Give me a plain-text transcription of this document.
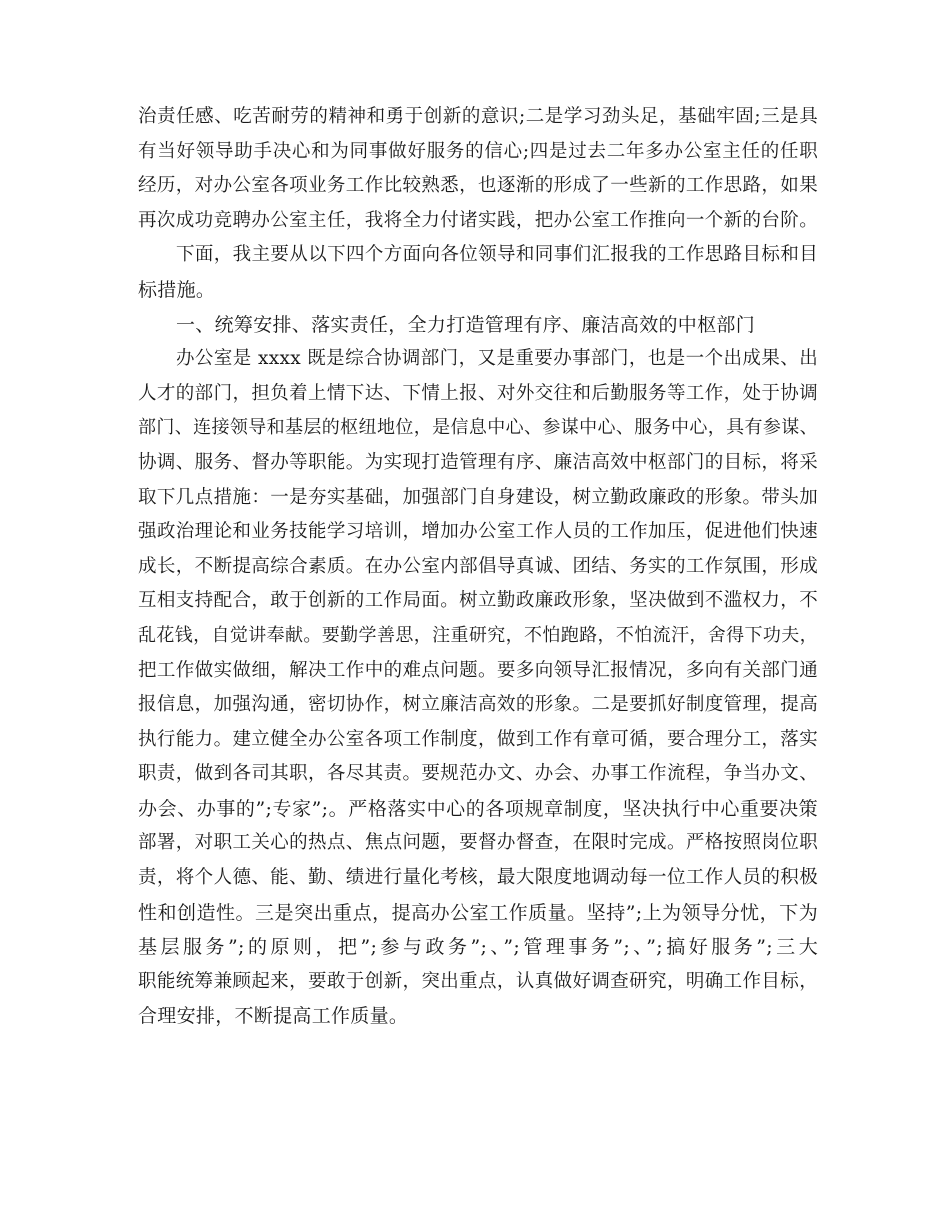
治责任感、吃苦耐劳的精神和勇于创新的意识;二是学习劲头足，基础牢固;三是具
有当好领导助手决心和为同事做好服务的信心;四是过去二年多办公室主任的任职
经历，对办公室各项业务工作比较熟悉，也逐渐的形成了一些新的工作思路，如果
再次成功竞聘办公室主任，我将全力付诸实践，把办公室工作推向一个新的台阶。
下面，我主要从以下四个方面向各位领导和同事们汇报我的工作思路目标和目
标措施。
一、统筹安排、落实责任，全力打造管理有序、廉洁高效的中枢部门
办公室是 xxxx 既是综合协调部门，又是重要办事部门，也是一个出成果、出
人才的部门，担负着上情下达、下情上报、对外交往和后勤服务等工作，处于协调
部门、连接领导和基层的枢纽地位，是信息中心、参谋中心、服务中心，具有参谋、
协调、服务、督办等职能。为实现打造管理有序、廉洁高效中枢部门的目标，将采
取下几点措施：一是夯实基础，加强部门自身建设，树立勤政廉政的形象。带头加
强政治理论和业务技能学习培训，增加办公室工作人员的工作加压，促进他们快速
成长，不断提高综合素质。在办公室内部倡导真诚、团结、务实的工作氛围，形成
互相支持配合，敢于创新的工作局面。树立勤政廉政形象，坚决做到不滥权力，不
乱花钱，自觉讲奉献。要勤学善思，注重研究，不怕跑路，不怕流汗，舍得下功夫，
把工作做实做细，解决工作中的难点问题。要多向领导汇报情况，多向有关部门通
报信息，加强沟通，密切协作，树立廉洁高效的形象。二是要抓好制度管理，提高
执行能力。建立健全办公室各项工作制度，做到工作有章可循，要合理分工，落实
职责，做到各司其职，各尽其责。要规范办文、办会、办事工作流程，争当办文、
办会、办事的”;专家”;。严格落实中心的各项规章制度，坚决执行中心重要决策
部署，对职工关心的热点、焦点问题，要督办督查，在限时完成。严格按照岗位职
责，将个人德、能、勤、绩进行量化考核，最大限度地调动每一位工作人员的积极
性和创造性。三是突出重点，提高办公室工作质量。坚持”;上为领导分忧，下为
基层服务”;的原则，把”;参与政务”;、”;管理事务”;、”;搞好服务”;三大
职能统筹兼顾起来，要敢于创新，突出重点，认真做好调查研究，明确工作目标，
合理安排，不断提高工作质量。
